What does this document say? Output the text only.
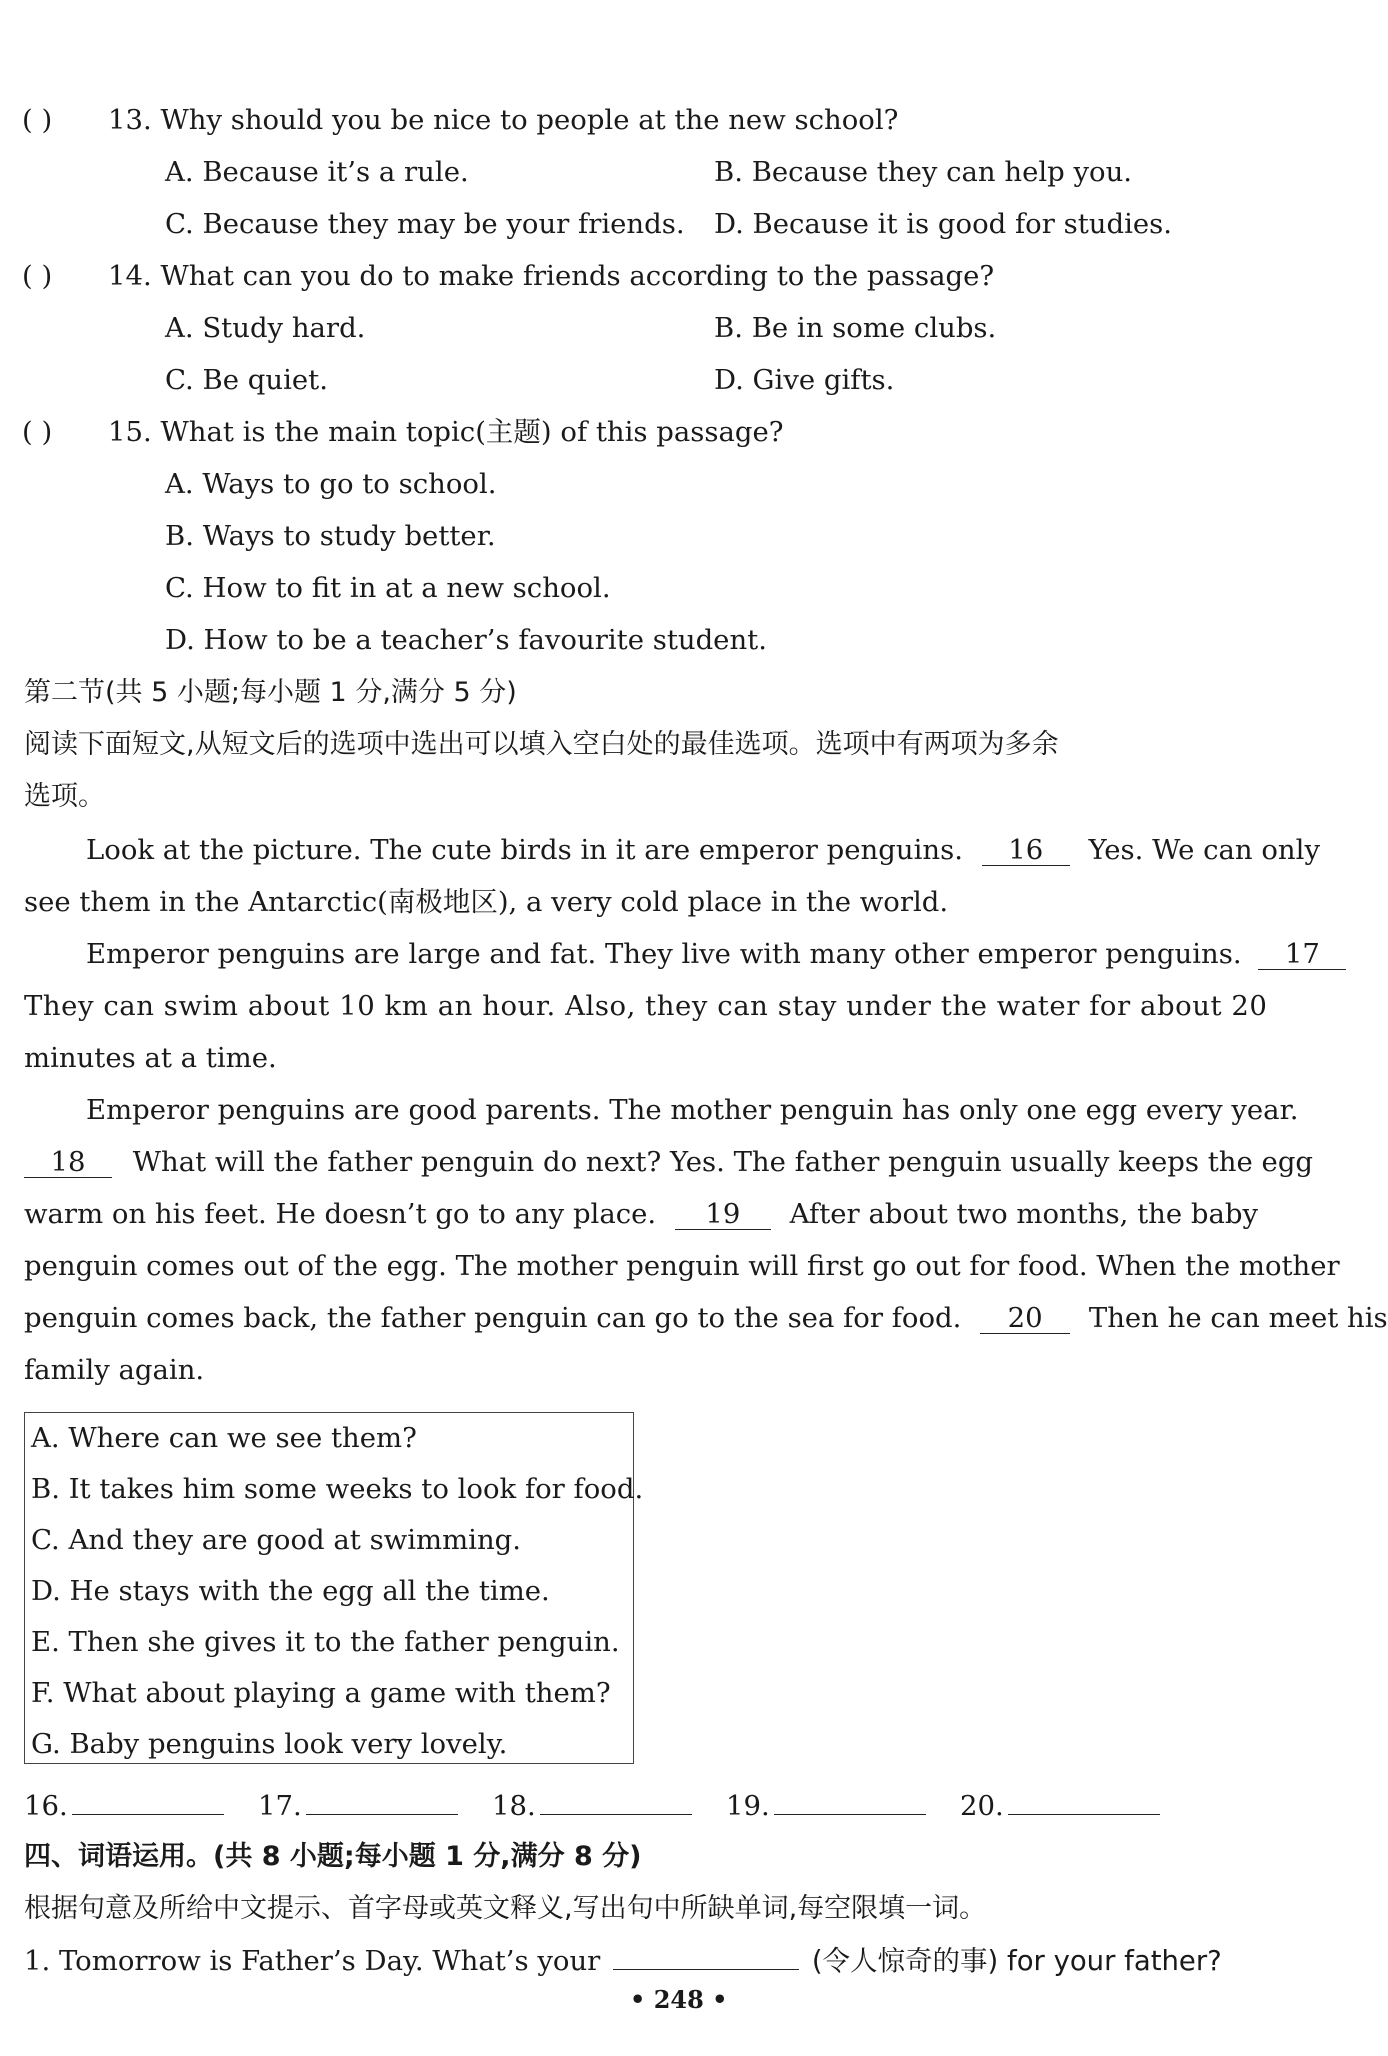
( ) 13. Why should you be nice to people at the new school?
A. Because it’s a rule.	B. Because they can help you.
C. Because they may be your friends. D. Because it is good for studies.
( ) 14. What can you do to make friends according to the passage?
A. Study hard.	B. Be in some clubs.
C. Be quiet.	D. Give gifts.
( ) 15. What is the main topic(主题) of this passage?
A. Ways to go to school.
B. Ways to study better.
C. How to fit in at a new school.
D. How to be a teacher’s favourite student.
第二节(共 5 小题;每小题 1 分,满分 5 分)
阅读下面短文,从短文后的选项中选出可以填入空白处的最佳选项。选项中有两项为多余
选项。
Look at the picture. The cute birds in it are emperor penguins. 16 Yes. We can only
see them in the Antarctic(南极地区), a very cold place in the world.
Emperor penguins are large and fat. They live with many other emperor penguins. 17
They can swim about 10 km an hour. Also, they can stay under the water for about 20
minutes at a time.
Emperor penguins are good parents. The mother penguin has only one egg every year.
18 What will the father penguin do next? Yes. The father penguin usually keeps the egg
warm on his feet. He doesn’t go to any place. 19 After about two months, the baby
penguin comes out of the egg. The mother penguin will first go out for food. When the mother
penguin comes back, the father penguin can go to the sea for food. 20 Then he can meet his
family again.
A. Where can we see them?
B. It takes him some weeks to look for food.
C. And they are good at swimming.
D. He stays with the egg all the time.
E. Then she gives it to the father penguin.
F. What about playing a game with them?
G. Baby penguins look very lovely.
16.	17.	18.	19.	20.
四、词语运用。(共 8 小题;每小题 1 分,满分 8 分)
根据句意及所给中文提示、首字母或英文释义,写出句中所缺单词,每空限填一词。
1. Tomorrow is Father’s Day. What’s your	(令人惊奇的事) for your father?
• 248 •
